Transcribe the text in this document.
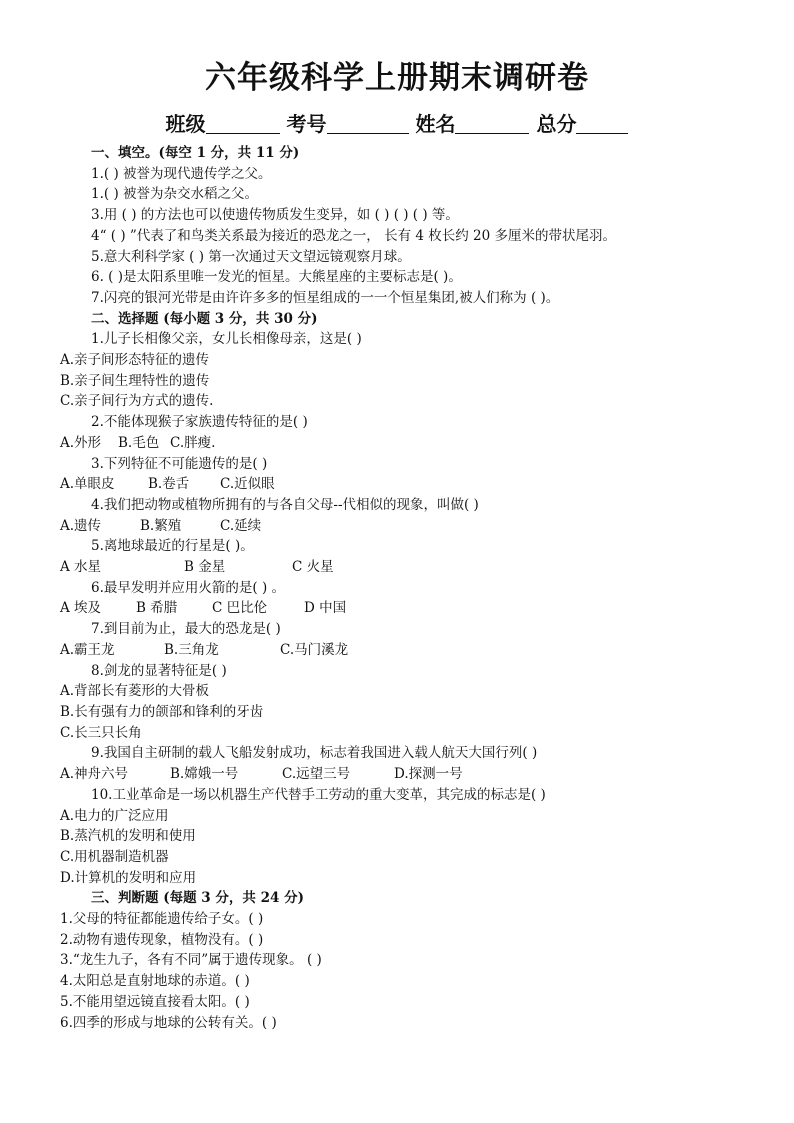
六年级科学上册期末调研卷
班级	考号	姓名	总分
一、填空。(每空 1 分，共 11 分)
1.( ) 被誉为现代遗传学之父。
1.( ) 被誉为杂交水稻之父。
3.用 ( ) 的方法也可以使遗传物质发生变异，如 ( ) ( ) ( ) 等。
4“ ( ) ”代表了和鸟类关系最为接近的恐龙之一， 长有 4 枚长约 20 多厘米的带状尾羽。
5.意大利科学家 ( ) 第一次通过天文望远镜观察月球。
6. ( )是太阳系里唯一发光的恒星。大熊星座的主要标志是( )。
7.闪亮的银河光带是由许许多多的恒星组成的一一个恒星集团,被人们称为 ( )。
二、选择题 (每小题 3 分，共 30 分)
1.儿子长相像父亲，女儿长相像母亲，这是( )
A.亲子间形态特征的遗传
B.亲子间生理特性的遗传
C.亲子间行为方式的遗传.
2.不能体现猴子家族遗传特征的是( )
A.外形 B.毛色 C.胖瘦.
3.下列特征不可能遗传的是( )
A.单眼皮 B.卷舌 C.近似眼
4.我们把动物或植物所拥有的与各自父母--代相似的现象，叫做( )
A.遗传	B.繁殖	C.延续
5.离地球最近的行星是( )。
A 水星	B 金星	C 火星
6.最早发明并应用火箭的是( ) 。
A 埃及	B 希腊	C 巴比伦	D 中国
7.到目前为止，最大的恐龙是( )
A.霸王龙	B.三角龙	C.马门溪龙
8.剑龙的显著特征是( )
A.背部长有菱形的大骨板
B.长有强有力的颌部和锋利的牙齿
C.长三只长角
9.我国自主研制的载人飞船发射成功，标志着我国进入载人航天大国行列( )
A.神舟六号	B.嫦娥一号	C.远望三号	D.探测一号
10.工业革命是一场以机器生产代替手工劳动的重大变革，其完成的标志是( )
A.电力的广泛应用
B.蒸汽机的发明和使用
C.用机器制造机器
D.计算机的发明和应用
三、判断题 (每题 3 分，共 24 分)
1.父母的特征都能遗传给子女。( )
2.动物有遗传现象，植物没有。( )
3.“龙生九子，各有不同”属于遗传现象。 ( )
4.太阳总是直射地球的赤道。( )
5.不能用望远镜直接看太阳。( )
6.四季的形成与地球的公转有关。( )
